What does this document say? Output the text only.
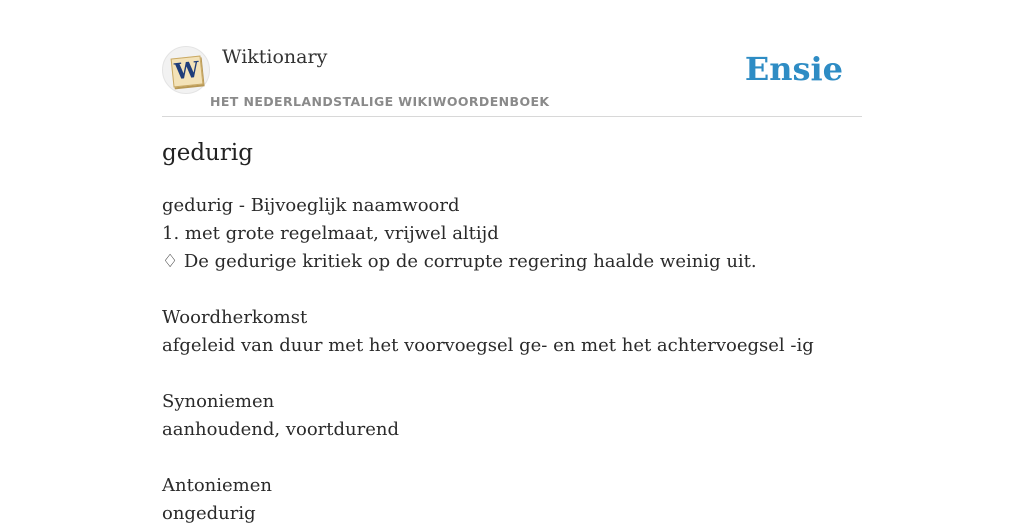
W Wiktionary
HET NEDERLANDSTALIGE WIKIWOORDENBOEK
Ensie
gedurig
gedurig - Bijvoeglijk naamwoord
1. met grote regelmaat, vrijwel altijd
♢ De gedurige kritiek op de corrupte regering haalde weinig uit.
Woordherkomst
afgeleid van duur met het voorvoegsel ge- en met het achtervoegsel -ig
Synoniemen
aanhoudend, voortdurend
Antoniemen
ongedurig
